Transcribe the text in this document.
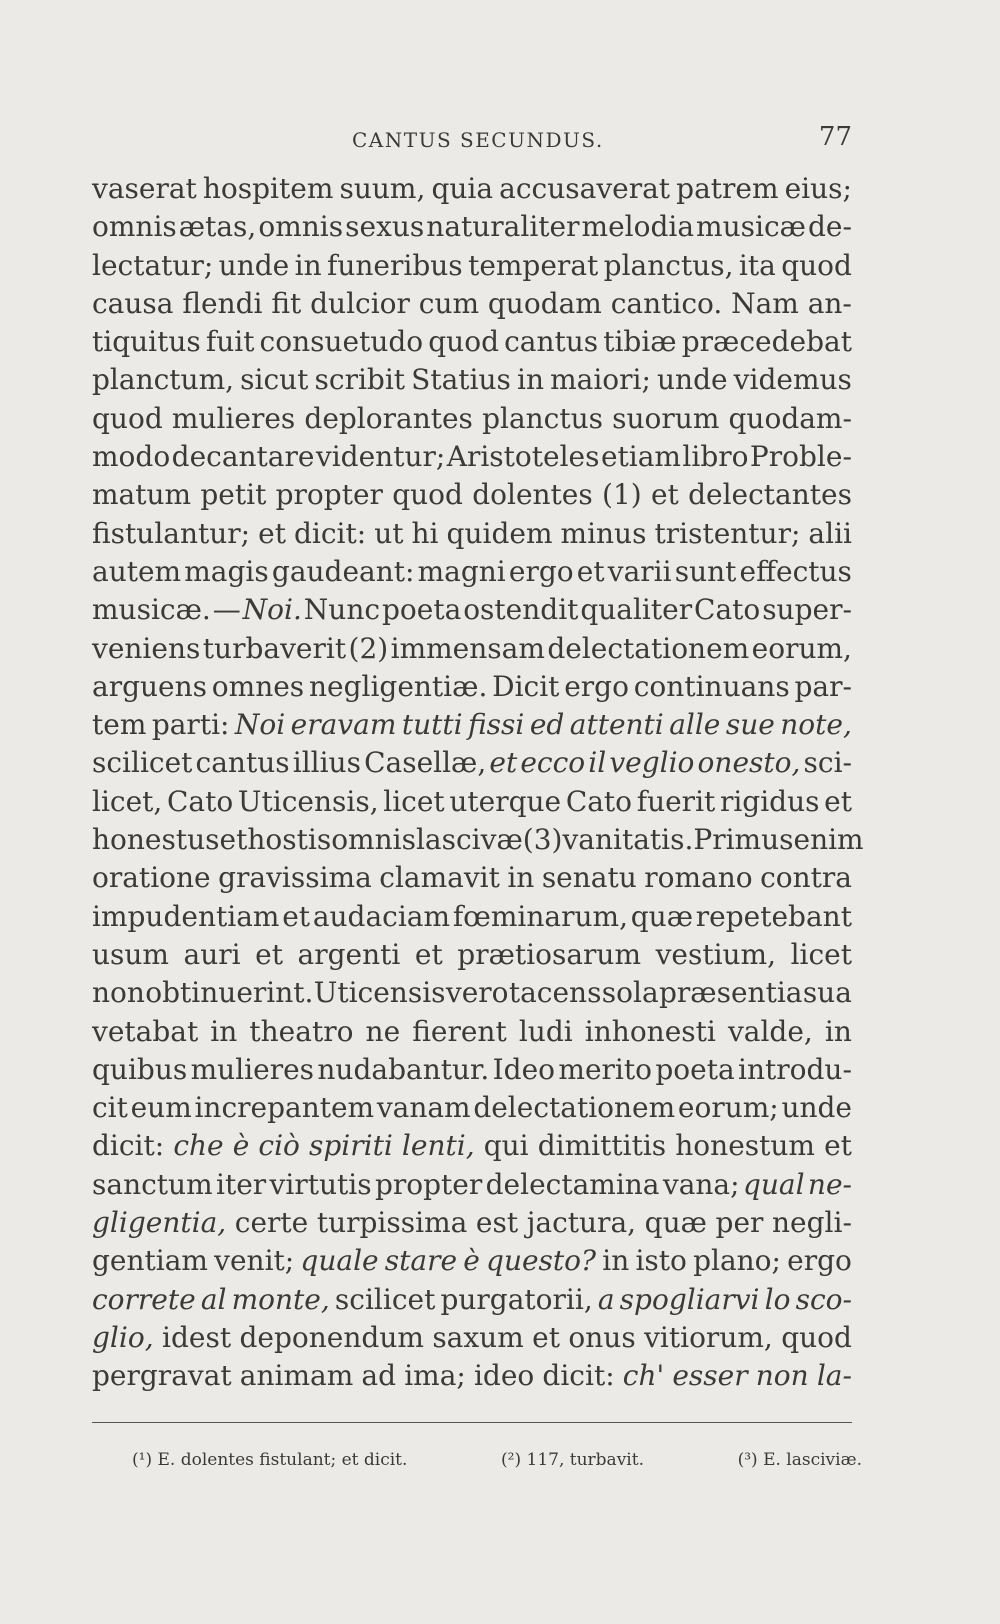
CANTUS SECUNDUS.	77
vaserat hospitem suum, quia accusaverat patrem eius;
omnis ætas, omnis sexus naturaliter melodia musicæ de-
lectatur; unde in funeribus temperat planctus, ita quod
causa flendi fit dulcior cum quodam cantico. Nam an-
tiquitus fuit consuetudo quod cantus tibiæ præcedebat
planctum, sicut scribit Statius in maiori; unde videmus
quod mulieres deplorantes planctus suorum quodam-
modo decantare videntur; Aristoteles etiam libro Proble-
matum petit propter quod dolentes (1) et delectantes
fistulantur; et dicit: ut hi quidem minus tristentur; alii
autem magis gaudeant: magni ergo et varii sunt effectus
musicæ. — Noi. Nunc poeta ostendit qualiter Cato super-
veniens turbaverit (2) immensam delectationem eorum,
arguens omnes negligentiæ. Dicit ergo continuans par-
tem parti: Noi eravam tutti fissi ed attenti alle sue note,
scilicet cantus illius Casellæ, et ecco il veglio onesto, sci-
licet, Cato Uticensis, licet uterque Cato fuerit rigidus et
honestus et hostis omnis lascivæ (3) vanitatis. Primus enim
oratione gravissima clamavit in senatu romano contra
impudentiam et audaciam fœminarum, quæ repetebant
usum auri et argenti et prætiosarum vestium, licet
non obtinuerint. Uticensis vero tacens sola præsentia sua
vetabat in theatro ne fierent ludi inhonesti valde, in
quibus mulieres nudabantur. Ideo merito poeta introdu-
cit eum increpantem vanam delectationem eorum; unde
dicit: che è ciò spiriti lenti, qui dimittitis honestum et
sanctum iter virtutis propter delectamina vana; qual ne-
gligentia, certe turpissima est jactura, quæ per negli-
gentiam venit; quale stare è questo? in isto plano; ergo
correte al monte, scilicet purgatorii, a spogliarvi lo sco-
glio, idest deponendum saxum et onus vitiorum, quod
pergravat animam ad ima; ideo dicit: ch' esser non la-
(¹) E. dolentes fistulant; et dicit.	(²) 117, turbavit.	(³) E. lasciviæ.
